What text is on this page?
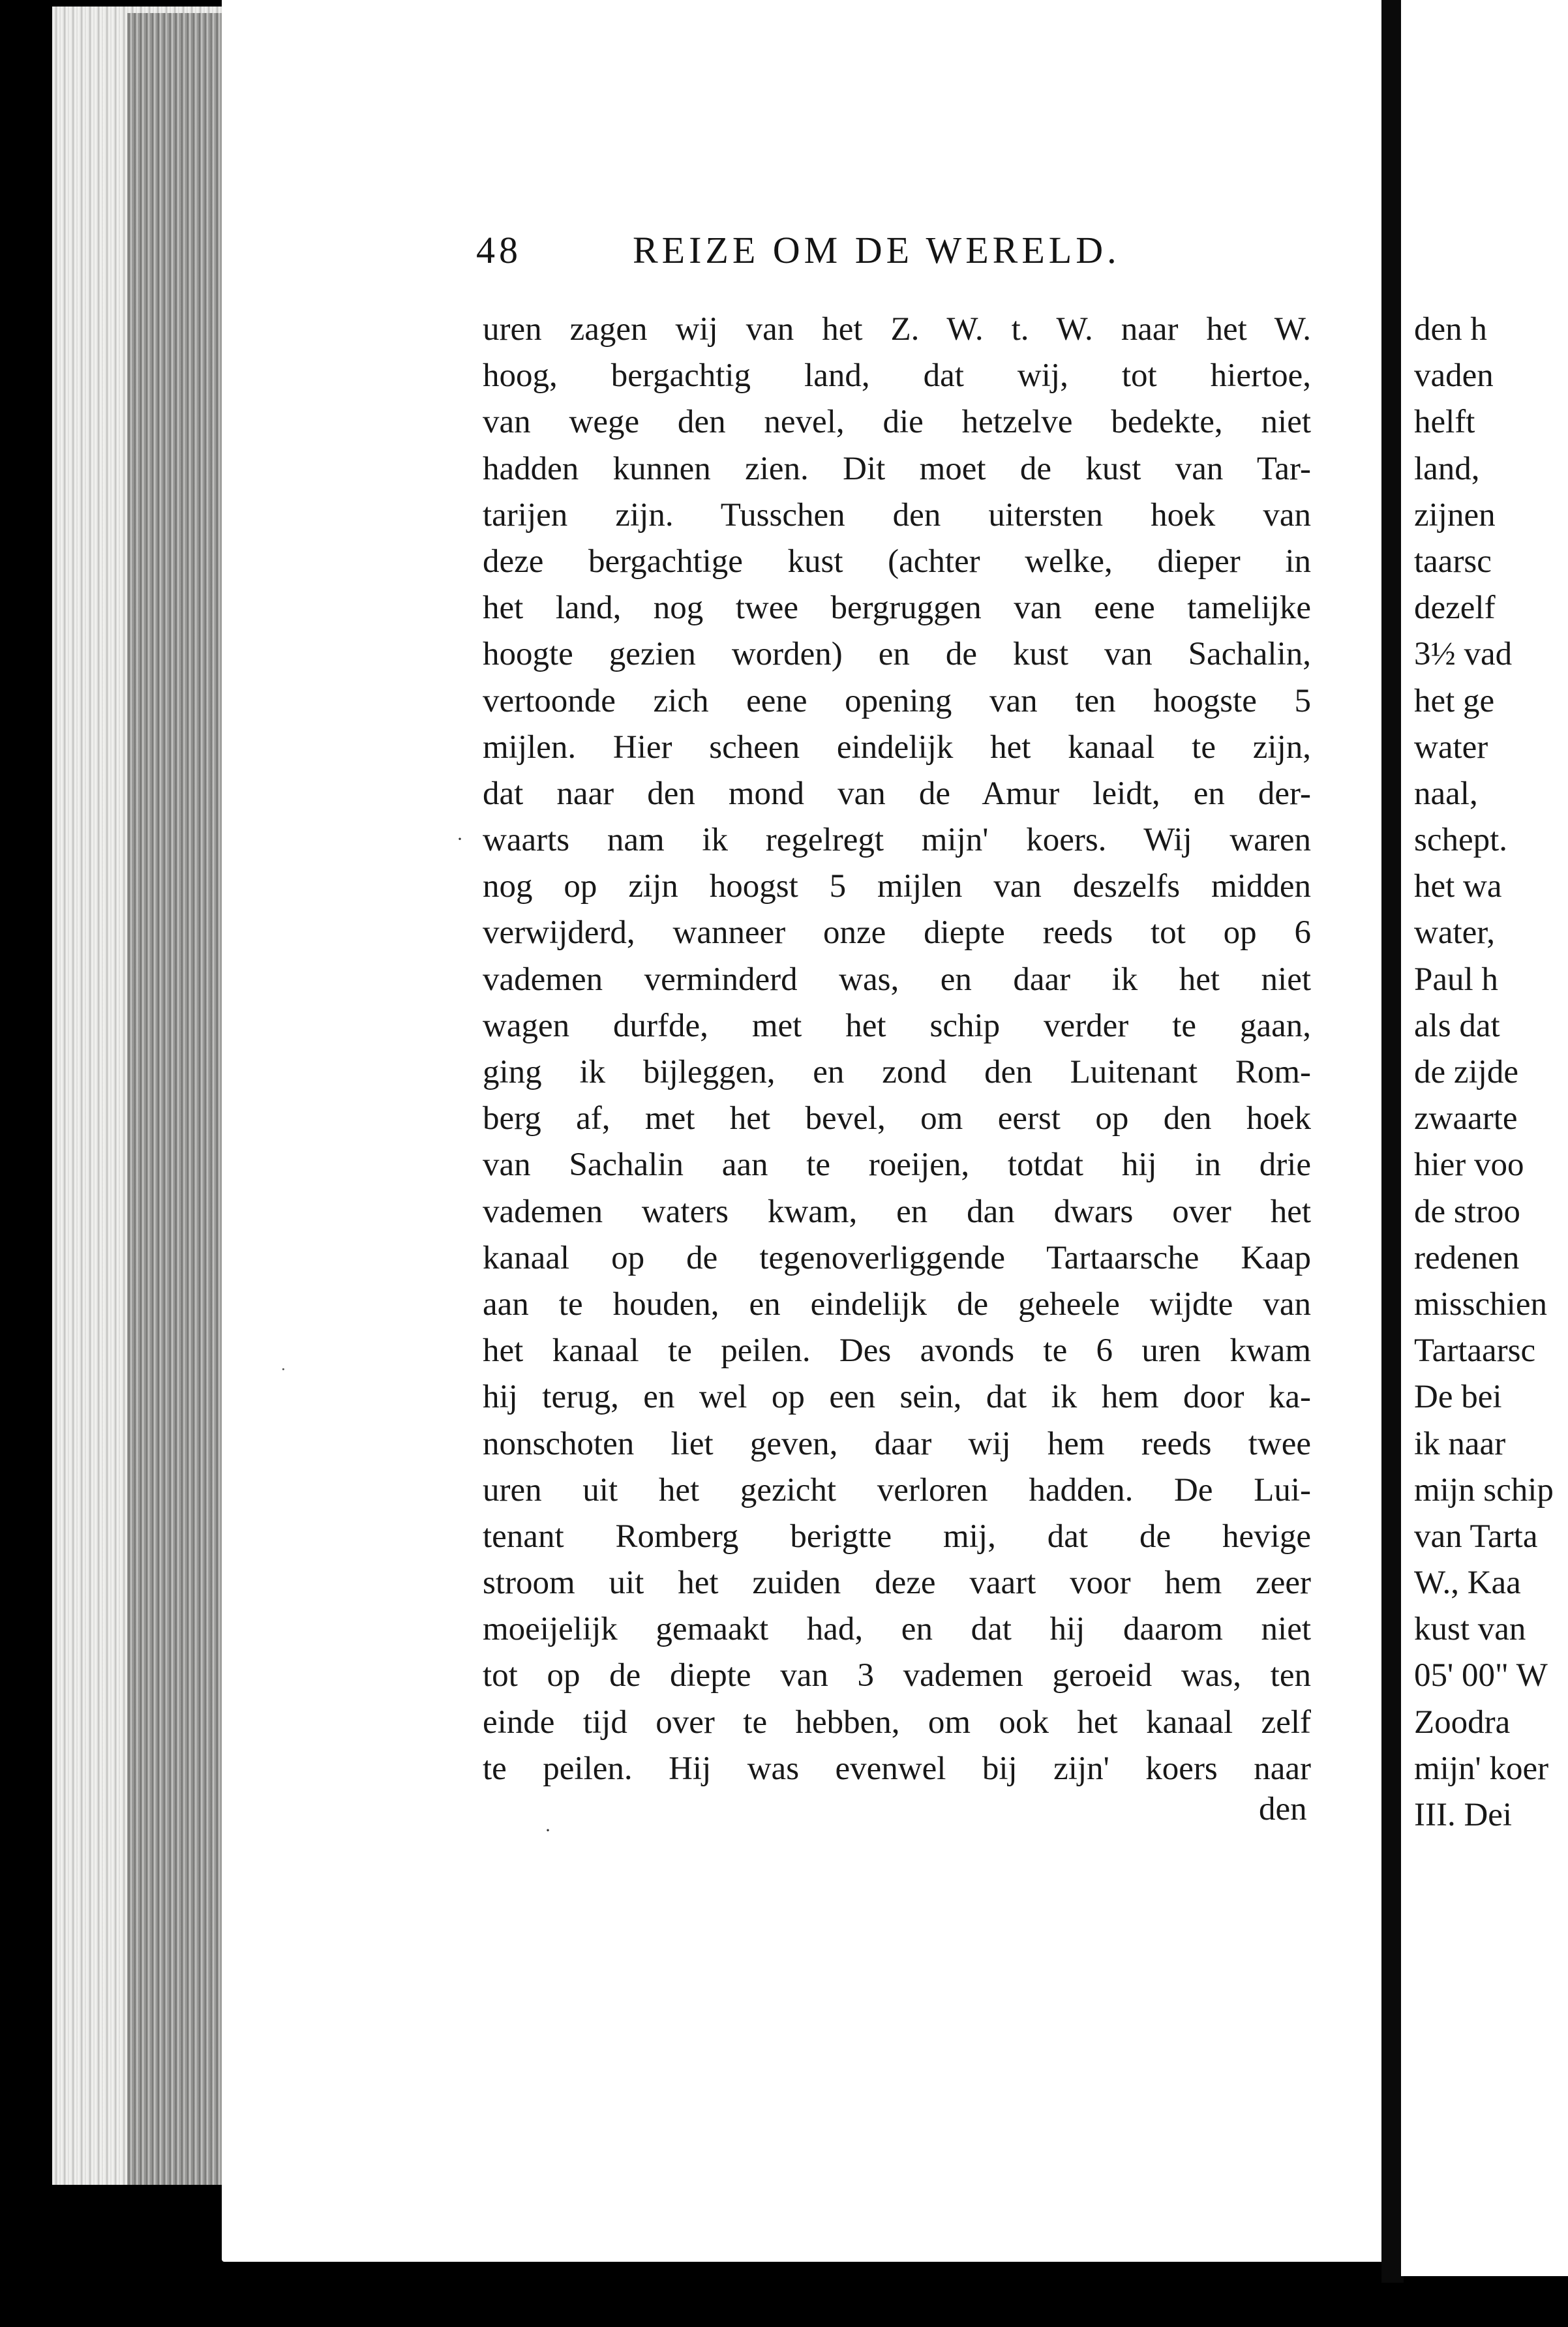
48	REIZE OM DE WERELD.
uren zagen wij van het Z. W. t. W. naar het W.
hoog, bergachtig land, dat wij, tot hiertoe,
van wege den nevel, die hetzelve bedekte, niet
hadden kunnen zien. Dit moet de kust van Tar-
tarijen zijn. Tusschen den uitersten hoek van
deze bergachtige kust (achter welke, dieper in
het land, nog twee bergruggen van eene tamelijke
hoogte gezien worden) en de kust van Sachalin,
vertoonde zich eene opening van ten hoogste 5
mijlen. Hier scheen eindelijk het kanaal te zijn,
dat naar den mond van de Amur leidt, en der-
waarts nam ik regelregt mijn' koers. Wij waren
nog op zijn hoogst 5 mijlen van deszelfs midden
verwijderd, wanneer onze diepte reeds tot op 6
vademen verminderd was, en daar ik het niet
wagen durfde, met het schip verder te gaan,
ging ik bijleggen, en zond den Luitenant Rom-
berg af, met het bevel, om eerst op den hoek
van Sachalin aan te roeijen, totdat hij in drie
vademen waters kwam, en dan dwars over het
kanaal op de tegenoverliggende Tartaarsche Kaap
aan te houden, en eindelijk de geheele wijdte van
het kanaal te peilen. Des avonds te 6 uren kwam
hij terug, en wel op een sein, dat ik hem door ka-
nonschoten liet geven, daar wij hem reeds twee
uren uit het gezicht verloren hadden. De Lui-
tenant Romberg berigtte mij, dat de hevige
stroom uit het zuiden deze vaart voor hem zeer
moeijelijk gemaakt had, en dat hij daarom niet
tot op de diepte van 3 vademen geroeid was, ten
einde tijd over te hebben, om ook het kanaal zelf
te peilen. Hij was evenwel bij zijn' koers naar
den
·
·
·
den h
vaden
helft
land,
zijnen
taarsc
dezelf
3½ vad
het ge
water
naal,
schept.
het wa
water,
Paul h
als dat
de zijde
zwaarte
hier voo
de stroo
redenen
misschien
Tartaarsc
De bei
ik naar
mijn schip
van Tarta
W., Kaa
kust van
05' 00" W
Zoodra
mijn' koer
III. Dei
